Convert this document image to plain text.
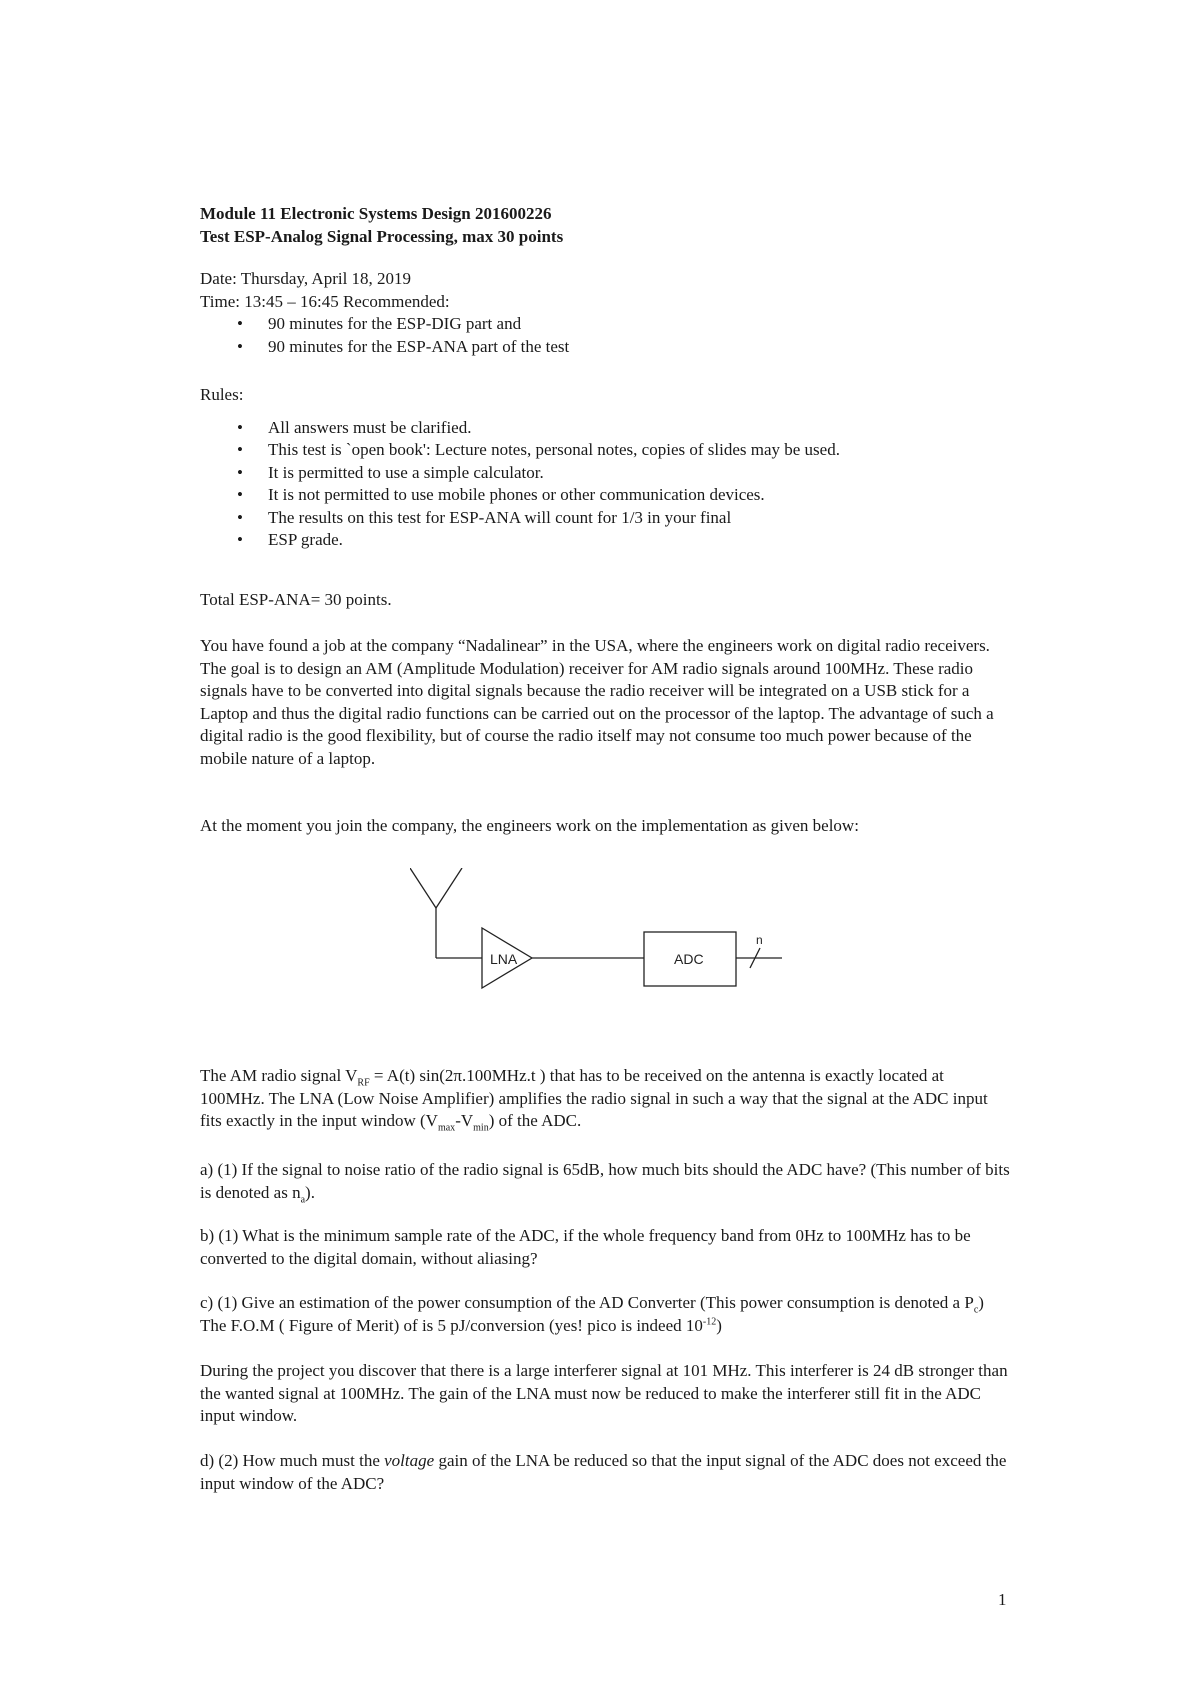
Module 11 Electronic Systems Design 201600226
Test ESP-Analog Signal Processing, max 30 points
Date: Thursday, April 18, 2019
Time: 13:45 – 16:45 Recommended:
• 90 minutes for the ESP-DIG part and
• 90 minutes for the ESP-ANA part of the test
Rules:
• All answers must be clarified.
• This test is `open book': Lecture notes, personal notes, copies of slides may be used.
• It is permitted to use a simple calculator.
• It is not permitted to use mobile phones or other communication devices.
• The results on this test for ESP-ANA will count for 1/3 in your final
• ESP grade.
Total ESP-ANA= 30 points.
You have found a job at the company “Nadalinear” in the USA, where the engineers work on digital radio receivers. The goal is to design an AM (Amplitude Modulation) receiver for AM radio signals around 100MHz. These radio signals have to be converted into digital signals because the radio receiver will be integrated on a USB stick for a Laptop and thus the digital radio functions can be carried out on the processor of the laptop. The advantage of such a digital radio is the good flexibility, but of course the radio itself may not consume too much power because of the mobile nature of a laptop.
At the moment you join the company, the engineers work on the implementation as given below:
LNA	ADC
n
The AM radio signal $V_{RF} = A(t)$ sin(2π.100MHz.t ) that has to be received on the antenna is exactly located at 100MHz. The LNA (Low Noise Amplifier) amplifies the radio signal in such a way that the signal at the ADC input fits exactly in the input window $(V_{max}-V_{min})$ of the ADC.
a) (1) If the signal to noise ratio of the radio signal is 65dB, how much bits should the ADC have? (This number of bits is denoted as $n_a$).
b) (1) What is the minimum sample rate of the ADC, if the whole frequency band from 0Hz to 100MHz has to be converted to the digital domain, without aliasing?
c) (1) Give an estimation of the power consumption of the AD Converter (This power consumption is denoted a $P_c$) The F.O.M ( Figure of Merit) of is 5 pJ/conversion (yes! pico is indeed $10^{-12}$)
During the project you discover that there is a large interferer signal at 101 MHz. This interferer is 24 dB stronger than the wanted signal at 100MHz. The gain of the LNA must now be reduced to make the interferer still fit in the ADC input window.
d) (2) How much must the voltage gain of the LNA be reduced so that the input signal of the ADC does not exceed the input window of the ADC?
1
